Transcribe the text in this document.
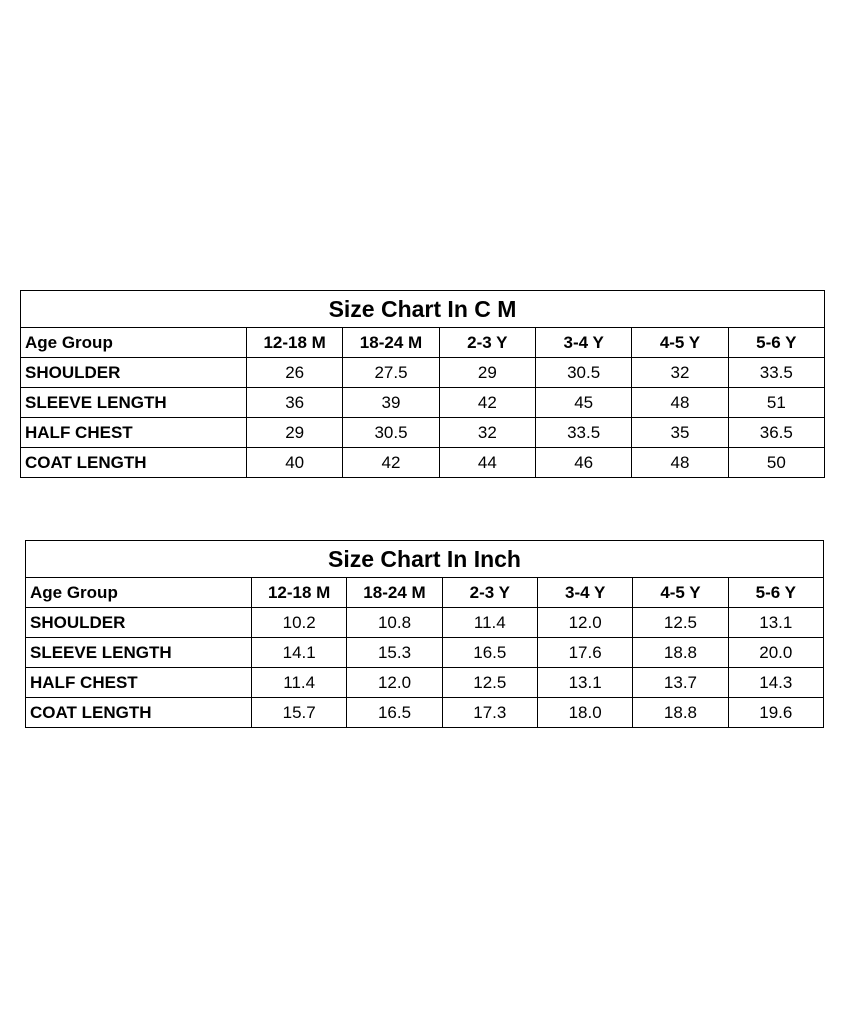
Size Chart In C M						
Age Group	12-18 M	18-24 M	2-3 Y	3-4 Y	4-5 Y	5-6 Y
SHOULDER	26	27.5	29	30.5	32	33.5
SLEEVE LENGTH	36	39	42	45	48	51
HALF CHEST	29	30.5	32	33.5	35	36.5
COAT LENGTH	40	42	44	46	48	50
Size Chart In Inch						
Age Group	12-18 M	18-24 M	2-3 Y	3-4 Y	4-5 Y	5-6 Y
SHOULDER	10.2	10.8	11.4	12.0	12.5	13.1
SLEEVE LENGTH	14.1	15.3	16.5	17.6	18.8	20.0
HALF CHEST	11.4	12.0	12.5	13.1	13.7	14.3
COAT LENGTH	15.7	16.5	17.3	18.0	18.8	19.6
